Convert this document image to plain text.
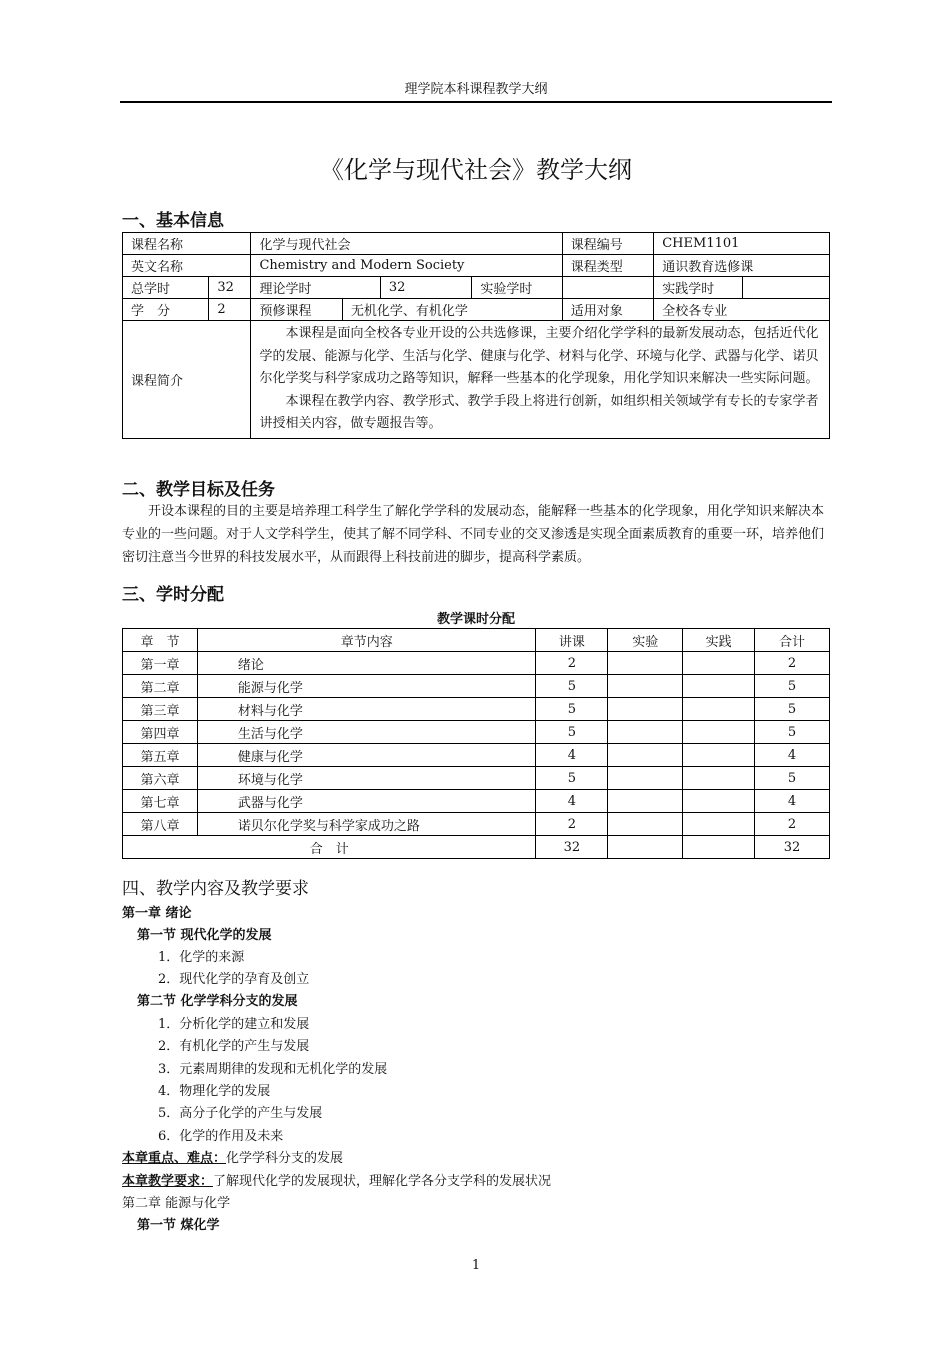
理学院本科课程教学大纲
《化学与现代社会》教学大纲
一、基本信息
课程名称		化学与现代社会				课程编号	CHEM1101	
英文名称		Chemistry and Modern Society				课程类型	通识教育选修课	
总学时	32	理论学时		32	实验学时		实践学时	
学　分	2	预修课程	无机化学、有机化学			适用对象	全校各专业	
课程简介		本课程是面向全校各专业开设的公共选修课，主要介绍化学学科的最新发展动态，包括近代化学的发展、能源与化学、生活与化学、健康与化学、材料与化学、环境与化学、武器与化学、诺贝尔化学奖与科学家成功之路等知识，解释一些基本的化学现象，用化学知识来解决一些实际问题。

本课程在教学内容、教学形式、教学手段上将进行创新，如组织相关领域学有专长的专家学者讲授相关内容，做专题报告等。						

二、教学目标及任务
开设本课程的目的主要是培养理工科学生了解化学学科的发展动态，能解释一些基本的化学现象，用化学知识来解决本专业的一些问题。对于人文学科学生，使其了解不同学科、不同专业的交叉渗透是实现全面素质教育的重要一环，培养他们密切注意当今世界的科技发展水平，从而跟得上科技前进的脚步，提高科学素质。
三、学时分配
教学课时分配
章　节	章节内容	讲课	实验	实践	合计
第一章	绪论	2			2
第二章	能源与化学	5			5
第三章	材料与化学	5			5
第四章	生活与化学	5			5
第五章	健康与化学	4			4
第六章	环境与化学	5			5
第七章	武器与化学	4			4
第八章	诺贝尔化学奖与科学家成功之路	2			2
合　计		32			32
四、教学内容及教学要求
第一章 绪论
第一节 现代化学的发展
1．化学的来源
2．现代化学的孕育及创立
第二节 化学学科分支的发展
1．分析化学的建立和发展
2．有机化学的产生与发展
3．元素周期律的发现和无机化学的发展
4．物理化学的发展
5．高分子化学的产生与发展
6．化学的作用及未来
本章重点、难点：化学学科分支的发展
本章教学要求：了解现代化学的发展现状，理解化学各分支学科的发展状况
第二章 能源与化学
第一节 煤化学
1
